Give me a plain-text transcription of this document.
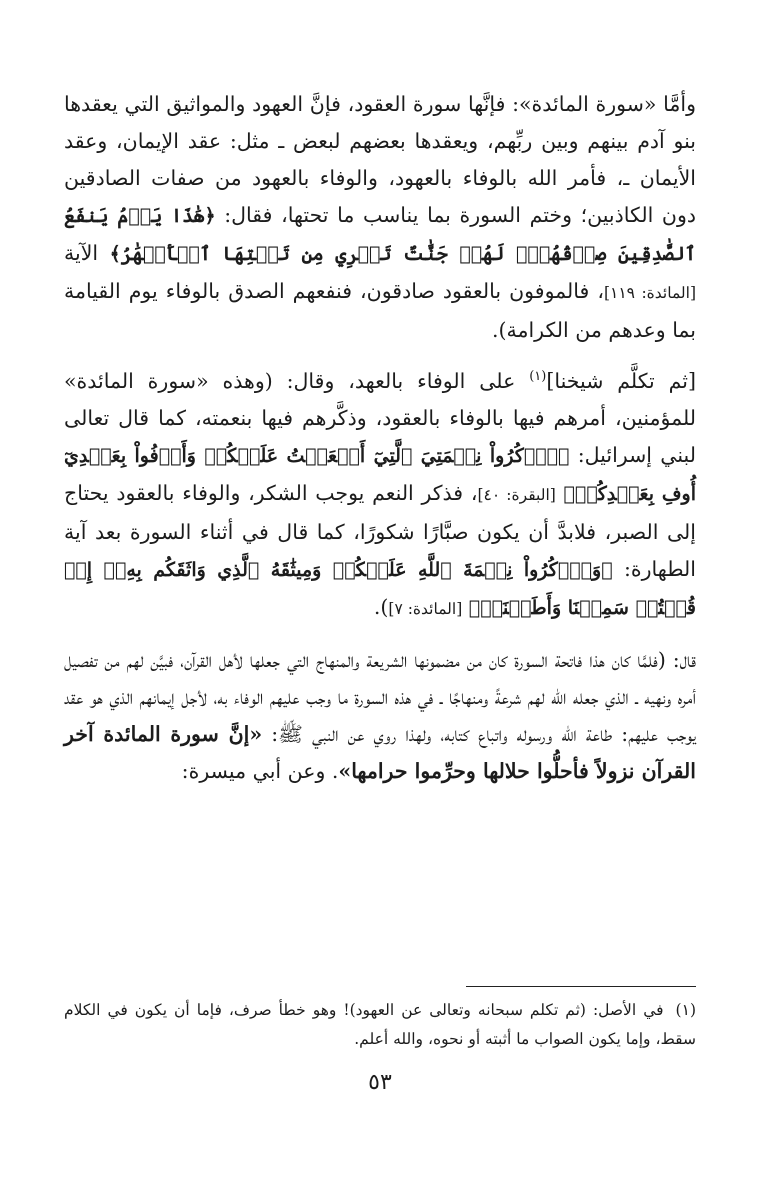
وأمَّا «سورة المائدة»: فإنَّها سورة العقود، فإنَّ العهود والمواثيق التي يعقدها بنو آدم بينهم وبين ربِّهم، ويعقدها بعضهم لبعض ـ مثل: عقد الإيمان، وعقد الأيمان ـ، فأمر الله بالوفاء بالعهود، والوفاء بالعهود من صفات الصادقين دون الكاذبين؛ وختم السورة بما يناسب ما تحتها، فقال: ﴿هَٰذَا يَوۡمُ يَنفَعُ ٱلصَّٰدِقِينَ صِدۡقُهُمۡۚ لَهُمۡ جَنَّٰتٌ تَجۡرِي مِن تَحۡتِهَا ٱلۡأَنۡهَٰرُ﴾ الآية [المائدة: ١١٩]، فالموفون بالعقود صادقون، فنفعهم الصدق بالوفاء يوم القيامة بما وعدهم من الكرامة).

[ثم تكلَّم شيخنا]$^{(١)}$ على الوفاء بالعهد، وقال: (وهذه «سورة المائدة» للمؤمنين، أمرهم فيها بالوفاء بالعقود، وذكَّرهم فيها بنعمته، كما قال تعالى لبني إسرائيل: ﴿ٱذۡكُرُواْ نِعۡمَتِيَ ٱلَّتِيٓ أَنۡعَمۡتُ عَلَيۡكُمۡ وَأَوۡفُواْ بِعَهۡدِيٓ أُوفِ بِعَهۡدِكُمۡ﴾ [البقرة: ٤٠]، فذكر النعم يوجب الشكر، والوفاء بالعقود يحتاج إلى الصبر، فلابدَّ أن يكون صبَّارًا شكورًا، كما قال في أثناء السورة بعد آية الطهارة: ﴿وَٱذۡكُرُواْ نِعۡمَةَ ٱللَّهِ عَلَيۡكُمۡ وَمِيثَٰقَهُ ٱلَّذِي وَاثَقَكُم بِهِۦٓ إِذۡ قُلۡتُمۡ سَمِعۡنَا وَأَطَعۡنَاۖ﴾ [المائدة: ٧]).

قال: (فلمَّا كان هذا فاتحة السورة كان من مضمونها الشريعة والمنهاج التي جعلها لأهل القرآن، فبيَّن لهم من تفصيل أمره ونهيه ـ الذي جعله الله لهم شرعةً ومنهاجًا ـ في هذه السورة ما وجب عليهم الوفاء به، لأجل إيمانهم الذي هو عقد يوجب عليهم: طاعة الله ورسوله واتباع كتابه، ولهذا روي عن النبي ﷺ: «إنَّ سورة المائدة آخر القرآن نزولاً فأحلُّوا حلالها وحرِّموا حرامها». وعن أبي ميسرة:

(١)في الأصل: (ثم تكلم سبحانه وتعالى عن العهود)! وهو خطأ صرف، فإما أن يكون في الكلام سقط، وإما يكون الصواب ما أثبته أو نحوه، والله أعلم.

٥٣
